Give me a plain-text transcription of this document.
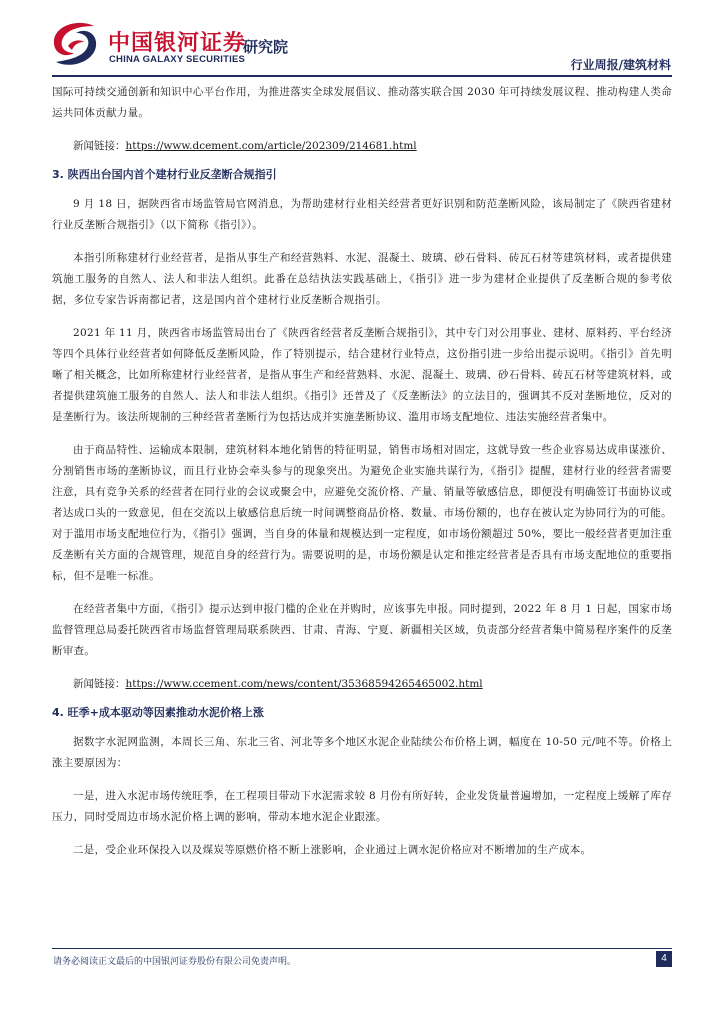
中国银河证券
CHINA GALAXY SECURITIES
研究院
行业周报/建筑材料

国际可持续交通创新和知识中心平台作用，为推进落实全球发展倡议、推动落实联合国 2030 年可持续发展议程、推动构建人类命运共同体贡献力量。

新闻链接：https://www.dcement.com/article/202309/214681.html

3. 陕西出台国内首个建材行业反垄断合规指引

9 月 18 日，据陕西省市场监管局官网消息，为帮助建材行业相关经营者更好识别和防范垄断风险，该局制定了《陕西省建材行业反垄断合规指引》（以下简称《指引》）。

本指引所称建材行业经营者，是指从事生产和经营熟料、水泥、混凝土、玻璃、砂石骨料、砖瓦石材等建筑材料，或者提供建筑施工服务的自然人、法人和非法人组织。此番在总结执法实践基础上，《指引》进一步为建材企业提供了反垄断合规的参考依据，多位专家告诉南都记者，这是国内首个建材行业反垄断合规指引。

2021 年 11 月，陕西省市场监管局出台了《陕西省经营者反垄断合规指引》，其中专门对公用事业、建材、原料药、平台经济等四个具体行业经营者如何降低反垄断风险，作了特别提示，结合建材行业特点，这份指引进一步给出提示说明。《指引》首先明晰了相关概念，比如所称建材行业经营者，是指从事生产和经营熟料、水泥、混凝土、玻璃、砂石骨料、砖瓦石材等建筑材料，或者提供建筑施工服务的自然人、法人和非法人组织。《指引》还普及了《反垄断法》的立法目的，强调其不反对垄断地位，反对的是垄断行为。该法所规制的三种经营者垄断行为包括达成并实施垄断协议、滥用市场支配地位、违法实施经营者集中。

由于商品特性、运输成本限制，建筑材料本地化销售的特征明显，销售市场相对固定，这就导致一些企业容易达成串谋涨价、分割销售市场的垄断协议，而且行业协会牵头参与的现象突出。为避免企业实施共谋行为，《指引》提醒，建材行业的经营者需要注意，具有竞争关系的经营者在同行业的会议或聚会中，应避免交流价格、产量、销量等敏感信息，即便没有明确签订书面协议或者达成口头的一致意见，但在交流以上敏感信息后统一时间调整商品价格、数量、市场份额的，也存在被认定为协同行为的可能。对于滥用市场支配地位行为，《指引》强调，当自身的体量和规模达到一定程度，如市场份额超过 50%，要比一般经营者更加注重反垄断有关方面的合规管理，规范自身的经营行为。需要说明的是，市场份额是认定和推定经营者是否具有市场支配地位的重要指标，但不是唯一标准。

在经营者集中方面，《指引》提示达到申报门槛的企业在并购时，应该事先申报。同时提到，2022 年 8 月 1 日起，国家市场监督管理总局委托陕西省市场监督管理局联系陕西、甘肃、青海、宁夏、新疆相关区域，负责部分经营者集中简易程序案件的反垄断审查。

新闻链接：https://www.ccement.com/news/content/35368594265465002.html

4. 旺季+成本驱动等因素推动水泥价格上涨

据数字水泥网监测，本周长三角、东北三省、河北等多个地区水泥企业陆续公布价格上调，幅度在 10-50 元/吨不等。价格上涨主要原因为：

一是，进入水泥市场传统旺季，在工程项目带动下水泥需求较 8 月份有所好转，企业发货量普遍增加，一定程度上缓解了库存压力，同时受周边市场水泥价格上调的影响，带动本地水泥企业跟涨。

二是，受企业环保投入以及煤炭等原燃价格不断上涨影响，企业通过上调水泥价格应对不断增加的生产成本。

请务必阅读正文最后的中国银河证券股份有限公司免责声明。	4
